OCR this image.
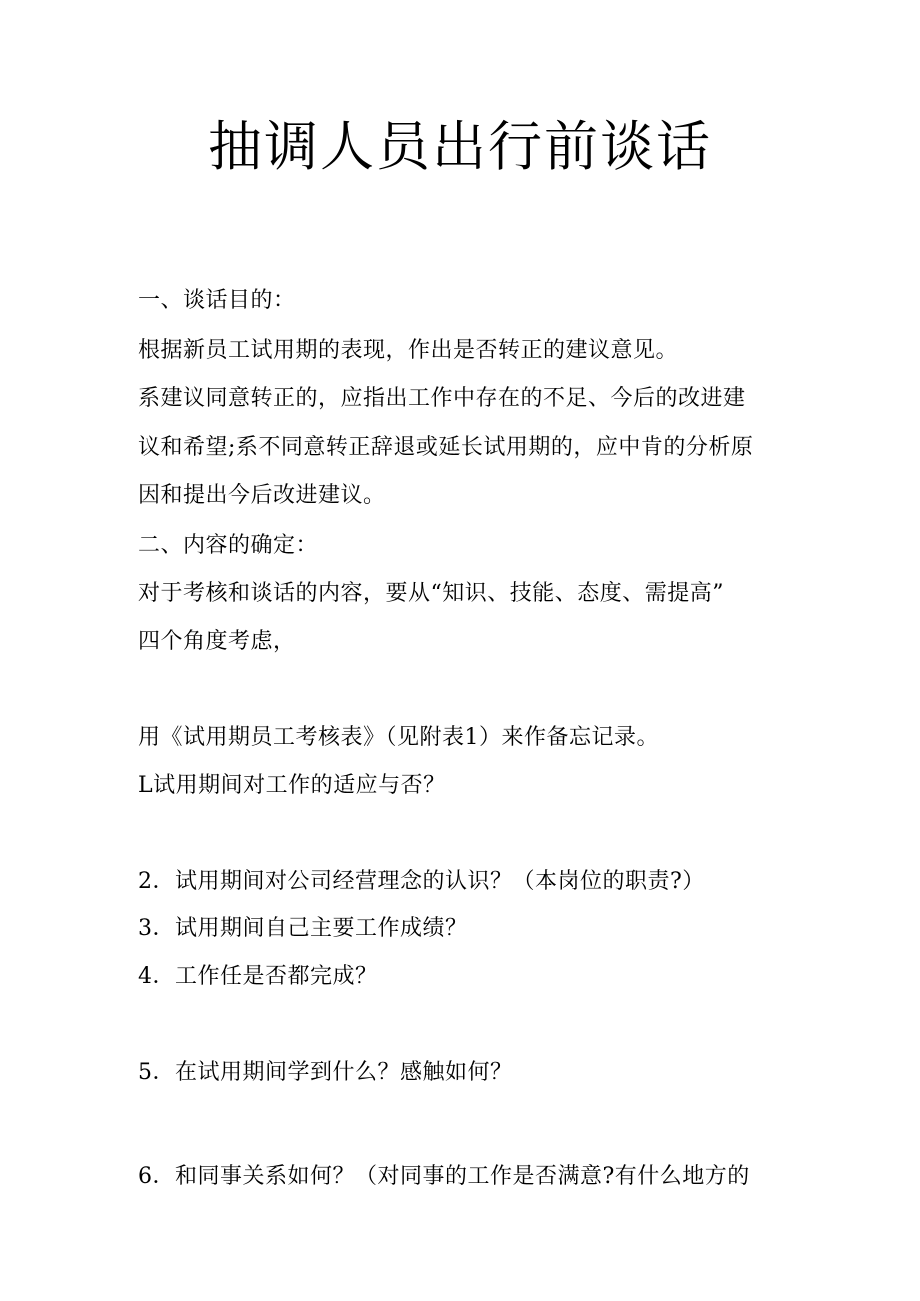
抽调人员出行前谈话
一、谈话目的：
根据新员工试用期的表现，作出是否转正的建议意见。
系建议同意转正的，应指出工作中存在的不足、今后的改进建
议和希望;系不同意转正辞退或延长试用期的，应中肯的分析原
因和提出今后改进建议。
二、内容的确定：
对于考核和谈话的内容，要从“知识、技能、态度、需提高”
四个角度考虑，
用《试用期员工考核表》（见附表1）来作备忘记录。
L试用期间对工作的适应与否？
2．试用期间对公司经营理念的认识？（本岗位的职责?）
3．试用期间自己主要工作成绩？
4．工作任是否都完成？
5．在试用期间学到什么？感触如何？
6．和同事关系如何？（对同事的工作是否满意?有什么地方的
